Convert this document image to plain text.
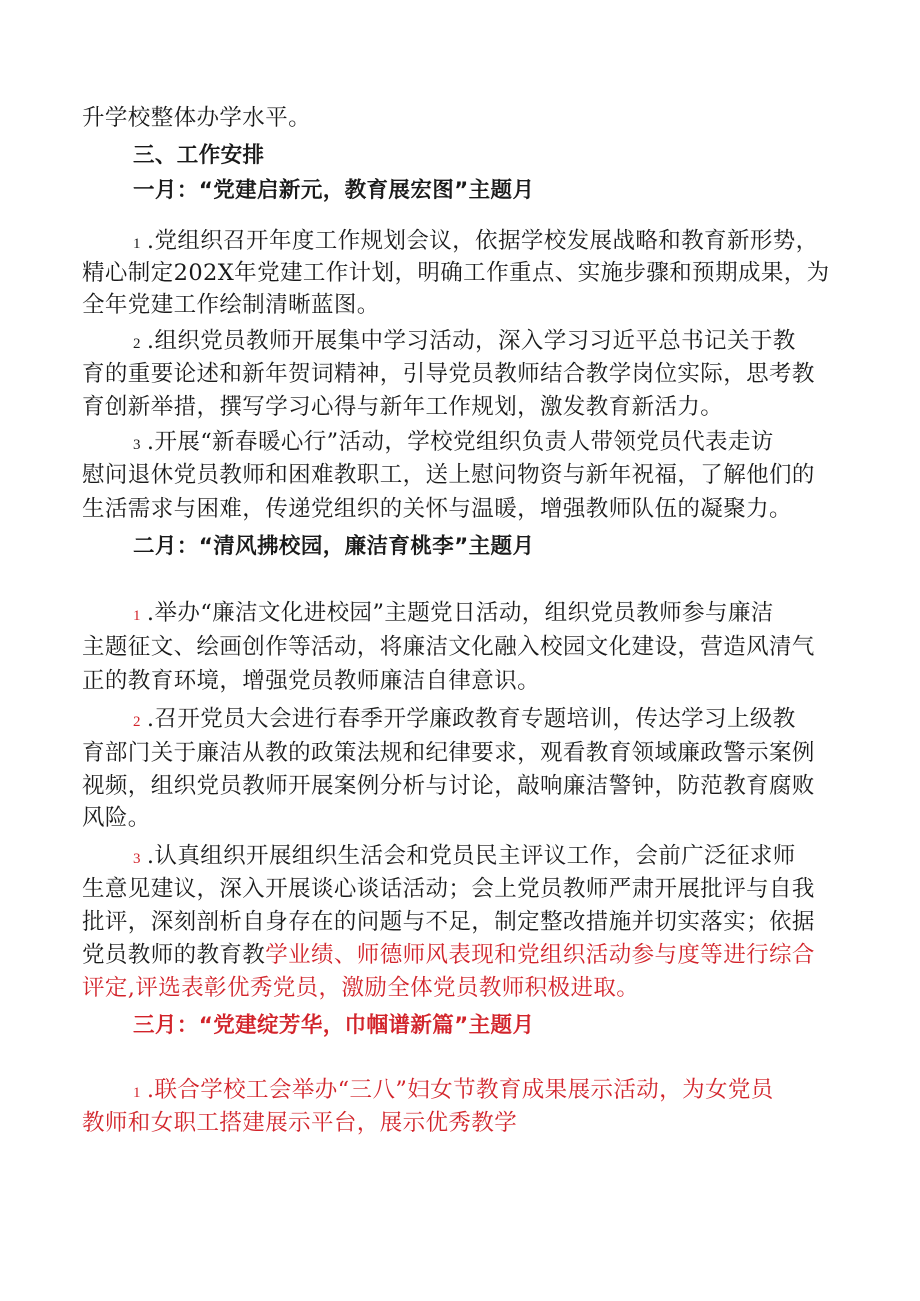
升学校整体办学水平。
三、工作安排
一月：“党建启新元，教育展宏图”主题月
1 .党组织召开年度工作规划会议，依据学校发展战略和教育新形势，
精心制定202X年党建工作计划，明确工作重点、实施步骤和预期成果，为
全年党建工作绘制清晰蓝图。
2 .组织党员教师开展集中学习活动，深入学习习近平总书记关于教
育的重要论述和新年贺词精神，引导党员教师结合教学岗位实际，思考教
育创新举措，撰写学习心得与新年工作规划，激发教育新活力。
3 .开展“新春暖心行”活动，学校党组织负责人带领党员代表走访
慰问退休党员教师和困难教职工，送上慰问物资与新年祝福，了解他们的
生活需求与困难，传递党组织的关怀与温暖，增强教师队伍的凝聚力。
二月：“清风拂校园，廉洁育桃李”主题月
1 .举办“廉洁文化进校园”主题党日活动，组织党员教师参与廉洁
主题征文、绘画创作等活动，将廉洁文化融入校园文化建设，营造风清气
正的教育环境，增强党员教师廉洁自律意识。
2 .召开党员大会进行春季开学廉政教育专题培训，传达学习上级教
育部门关于廉洁从教的政策法规和纪律要求，观看教育领域廉政警示案例
视频，组织党员教师开展案例分析与讨论，敲响廉洁警钟，防范教育腐败
风险。
3 .认真组织开展组织生活会和党员民主评议工作，会前广泛征求师
生意见建议，深入开展谈心谈话活动；会上党员教师严肃开展批评与自我
批评，深刻剖析自身存在的问题与不足，制定整改措施并切实落实；依据
党员教师的教育教学业绩、师德师风表现和党组织活动参与度等进行综合
评定,评选表彰优秀党员，激励全体党员教师积极进取。
三月：“党建绽芳华，巾帼谱新篇”主题月
1 .联合学校工会举办“三八”妇女节教育成果展示活动，为女党员
教师和女职工搭建展示平台，展示优秀教学
